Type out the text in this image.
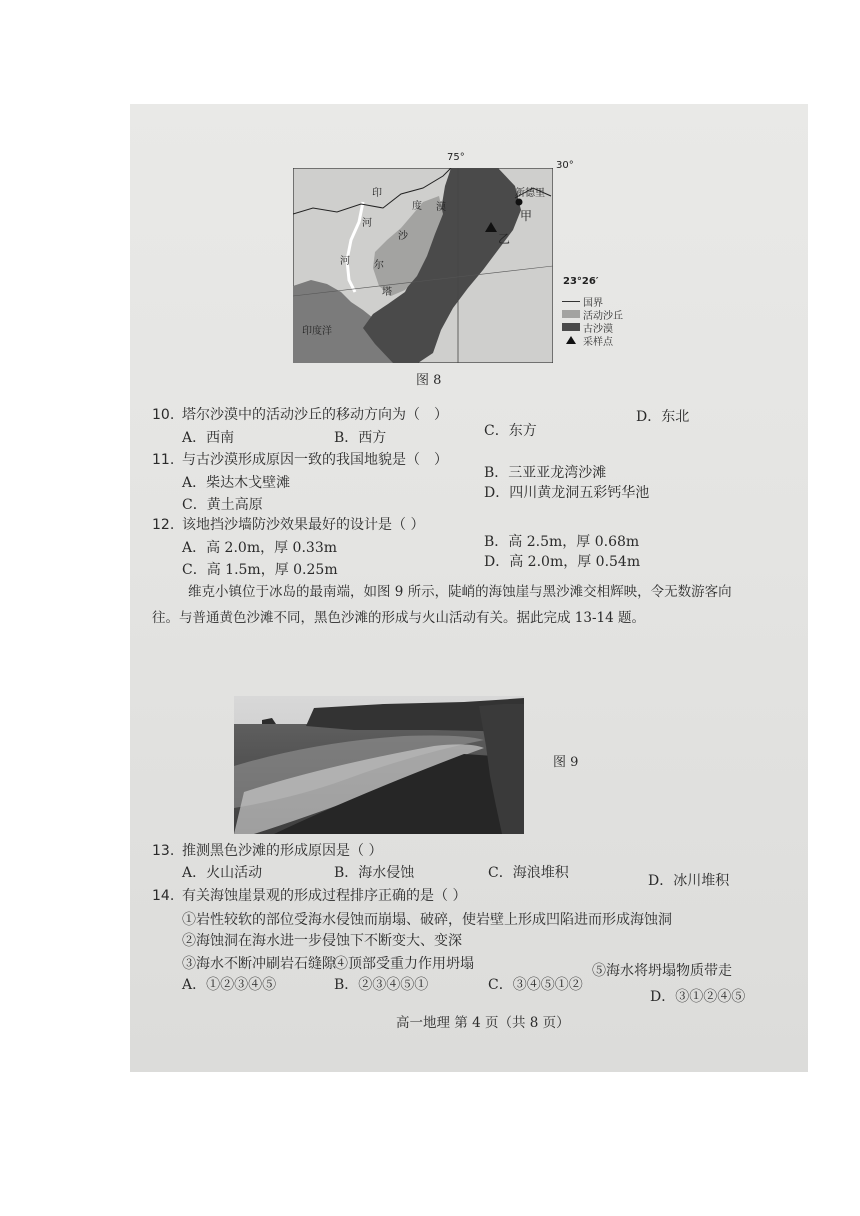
75°
30°
23°26′
印
度
河
河
沙
尔
漠
塔
印度洋
新德里
甲
乙
国界
活动沙丘
古沙漠
采样点
图 8
10. 塔尔沙漠中的活动沙丘的移动方向为（　）
A．西南	B．西方	C．东方
D．东北
11. 与古沙漠形成原因一致的我国地貌是（　）
A．柴达木戈壁滩
B．三亚亚龙湾沙滩
C．黄土高原
D．四川黄龙洞五彩钙华池
12. 该地挡沙墙防沙效果最好的设计是（ ）
A．高 2.0m，厚 0.33m	B．高 2.5m，厚 0.68m
C．高 1.5m，厚 0.25m	D．高 2.0m，厚 0.54m
维克小镇位于冰岛的最南端，如图 9 所示，陡峭的海蚀崖与黑沙滩交相辉映，令无数游客向
往。与普通黄色沙滩不同，黑色沙滩的形成与火山活动有关。据此完成 13-14 题。
图 9
13. 推测黑色沙滩的形成原因是（ ）
A．火山活动	B．海水侵蚀	C．海浪堆积	D．冰川堆积
14. 有关海蚀崖景观的形成过程排序正确的是（ ）
①岩性较软的部位受海水侵蚀而崩塌、破碎，使岩壁上形成凹陷进而形成海蚀洞
②海蚀洞在海水进一步侵蚀下不断变大、变深
③海水不断冲刷岩石缝隙
④顶部受重力作用坍塌	⑤海水将坍塌物质带走
A．①②③④⑤	B．②③④⑤①	C．③④⑤①②
D．③①②④⑤
高一地理 第 4 页（共 8 页）
